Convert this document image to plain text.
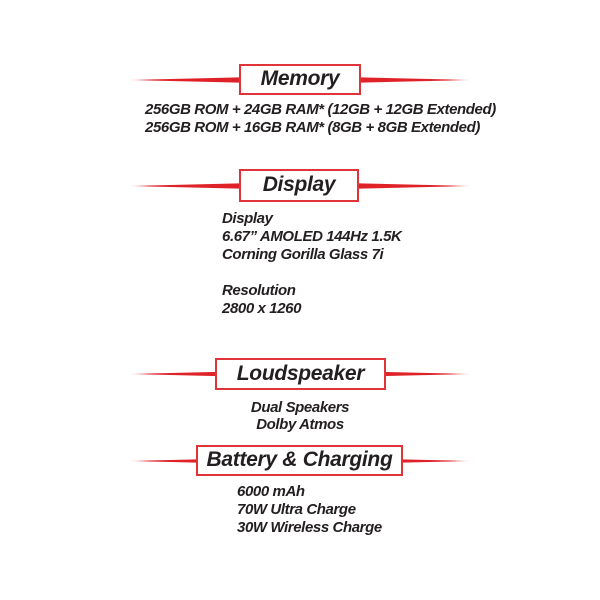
Memory
256GB ROM + 24GB RAM* (12GB + 12GB Extended)
256GB ROM + 16GB RAM* (8GB + 8GB Extended)
Display
Display
6.67” AMOLED 144Hz 1.5K
Corning Gorilla Glass 7i
Resolution
2800 x 1260
Loudspeaker
Dual Speakers
Dolby Atmos
Battery & Charging
6000 mAh
70W Ultra Charge
30W Wireless Charge
